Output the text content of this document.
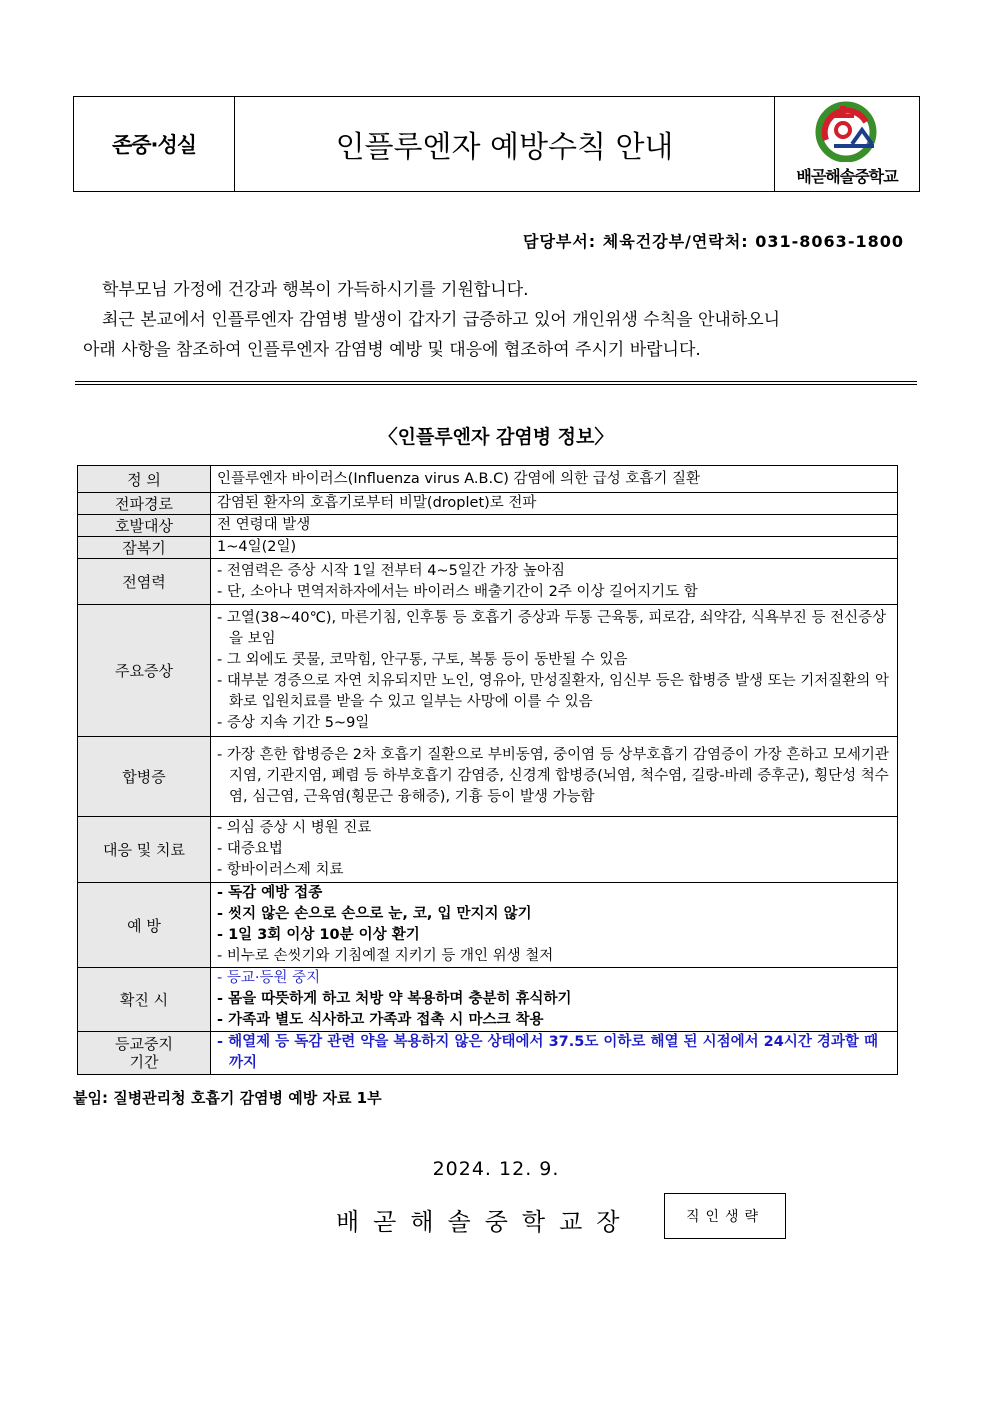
존중·성실	인플루엔자 예방수칙 안내
배곧해솔중학교
담당부서: 체육건강부/연락처: 031-8063-1800

학부모님 가정에 건강과 행복이 가득하시기를 기원합니다.

최근 본교에서 인플루엔자 감염병 발생이 갑자기 급증하고 있어 개인위생 수칙을 안내하오니

아래 사항을 참조하여 인플루엔자 감염병 예방 및 대응에 협조하여 주시기 바랍니다.

〈인플루엔자 감염병 정보〉
정 의	인플루엔자 바이러스(Influenza virus A.B.C) 감염에 의한 급성 호흡기 질환

전파경로	감염된 환자의 호흡기로부터 비말(droplet)로 전파

호발대상	전 연령대 발생

잠복기	1~4일(2일)

전염력	- 전염력은 증상 시작 1일 전부터 4~5일간 가장 높아짐
- 단, 소아나 면역저하자에서는 바이러스 배출기간이 2주 이상 길어지기도 함

주요증상	- 고열(38~40℃), 마른기침, 인후통 등 호흡기 증상과 두통 근육통, 피로감, 쇠약감, 식욕부진 등 전신증상을 보임
- 그 외에도 콧물, 코막힘, 안구통, 구토, 복통 등이 동반될 수 있음
- 대부분 경증으로 자연 치유되지만 노인, 영유아, 만성질환자, 임신부 등은 합병증 발생 또는 기저질환의 악화로 입원치료를 받을 수 있고 일부는 사망에 이를 수 있음
- 증상 지속 기간 5~9일

합병증	- 가장 흔한 합병증은 2차 호흡기 질환으로 부비동염, 중이염 등 상부호흡기 감염증이 가장 흔하고 모세기관지염, 기관지염, 폐렴 등 하부호흡기 감염증, 신경계 합병증(뇌염, 척수염, 길랑-바레 증후군), 횡단성 척수염, 심근염, 근육염(횡문근 융해증), 기흉 등이 발생 가능함

대응 및 치료	- 의심 증상 시 병원 진료
- 대증요법
- 항바이러스제 치료

예 방	- 독감 예방 접종
- 씻지 않은 손으로 손으로 눈, 코, 입 만지지 않기
- 1일 3회 이상 10분 이상 환기
- 비누로 손씻기와 기침예절 지키기 등 개인 위생 철저

확진 시	- 등교·등원 중지
- 몸을 따뜻하게 하고 처방 약 복용하며 충분히 휴식하기
- 가족과 별도 식사하고 가족과 접촉 시 마스크 착용

등교중지
기간	- 해열제 등 독감 관련 약을 복용하지 않은 상태에서 37.5도 이하로 해열 된 시점에서 24시간 경과할 때까지
붙임: 질병관리청 호흡기 감염병 예방 자료 1부
2024. 12. 9.
배곧해솔중학교장	직인생략
